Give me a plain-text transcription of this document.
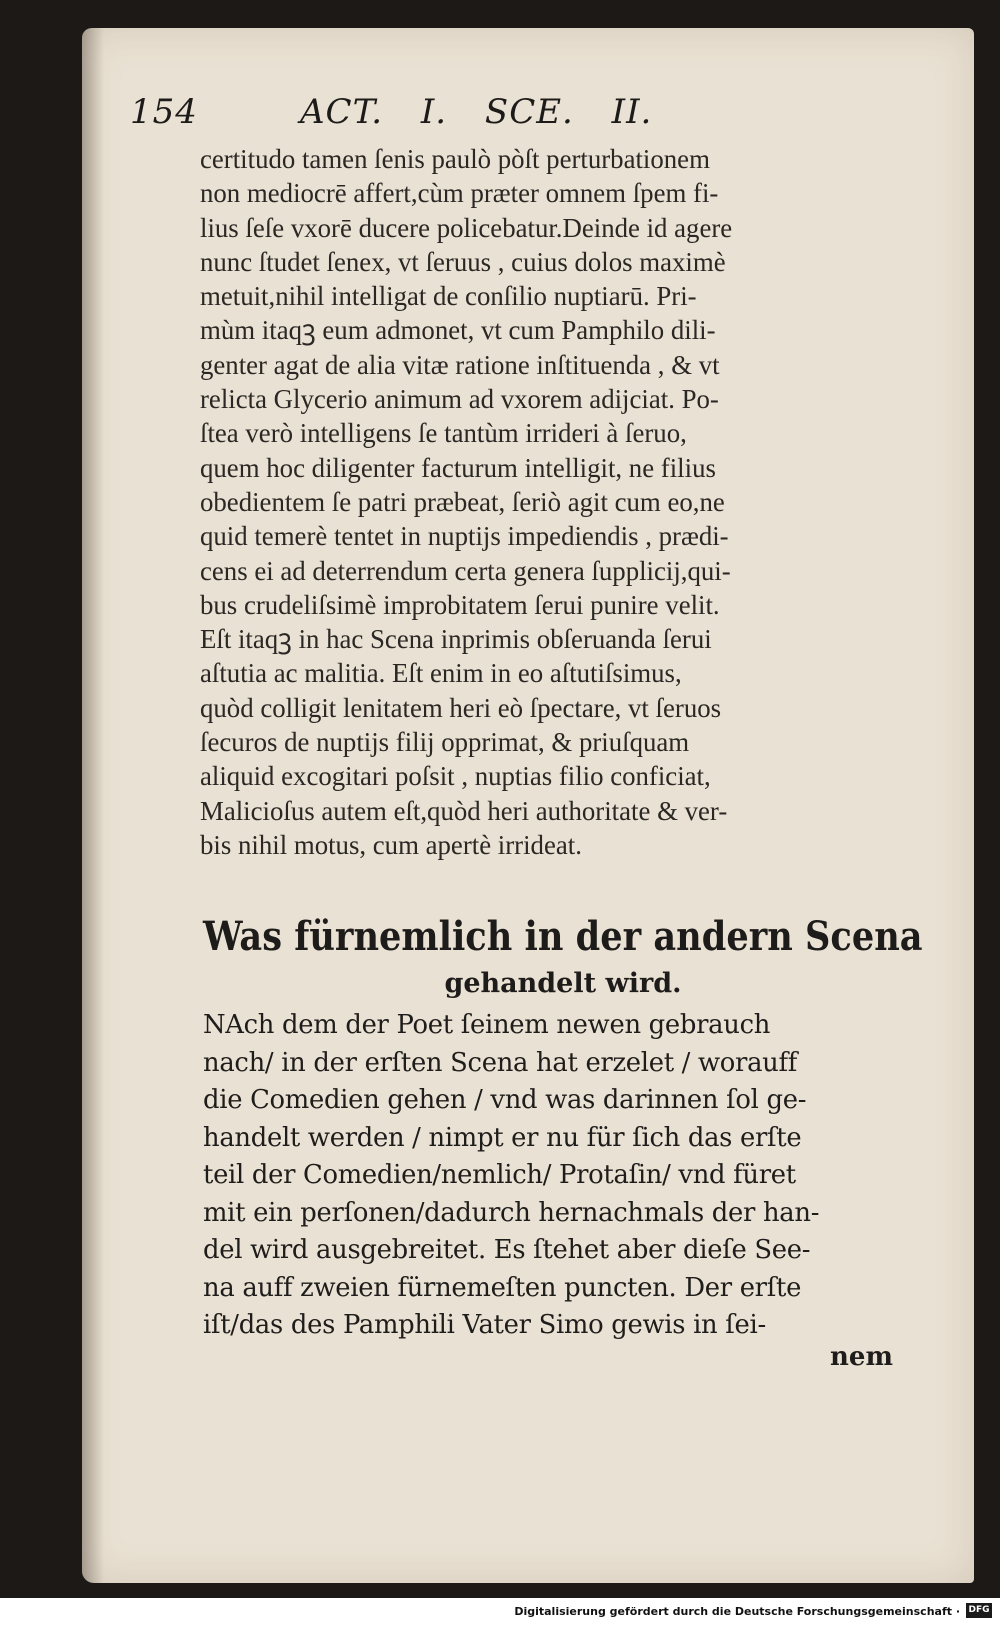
154	ACT. I. SCE. II.
certitudo tamen ſenis paulò pòſt perturbationem
non mediocrē affert,cùm præter omnem ſpem fi-
lius ſeſe vxorē ducere policebatur.Deinde id agere
nunc ſtudet ſenex, vt ſeruus , cuius dolos maximè
metuit,nihil intelligat de conſilio nuptiarū. Pri-
mùm itaqꝫ eum admonet, vt cum Pamphilo dili-
genter agat de alia vitæ ratione inſtituenda , & vt
relicta Glycerio animum ad vxorem adijciat. Po-
ſtea verò intelligens ſe tantùm irrideri à ſeruo,
quem hoc diligenter facturum intelligit, ne filius
obedientem ſe patri præbeat, ſeriò agit cum eo,ne
quid temerè tentet in nuptijs impediendis , prædi-
cens ei ad deterrendum certa genera ſupplicij,qui-
bus crudeliſsimè improbitatem ſerui punire velit.
Eſt itaqꝫ in hac Scena inprimis obſeruanda ſerui
aſtutia ac malitia. Eſt enim in eo aſtutiſsimus,
quòd colligit lenitatem heri eò ſpectare, vt ſeruos
ſecuros de nuptijs filij opprimat, & priuſquam
aliquid excogitari poſsit , nuptias filio conficiat,
Malicioſus autem eſt,quòd heri authoritate & ver-
bis nihil motus, cum apertè irrideat.
Was fürnemlich in der andern Scena
gehandelt wird.
NAch dem der Poet ſeinem newen gebrauch
nach/ in der erſten Scena hat erzelet / worauff
die Comedien gehen / vnd was darinnen ſol ge-
handelt werden / nimpt er nu für ſich das erſte
teil der Comedien/nemlich/ Protaſin/ vnd füret
mit ein perſonen/dadurch hernachmals der han-
del wird ausgebreitet. Es ſtehet aber dieſe See-
na auff zweien fürnemeſten puncten. Der erſte
iſt/das des Pamphili Vater Simo gewis in ſei-
nem
Digitalisierung gefördert durch die Deutsche Forschungsgemeinschaft · DFG
